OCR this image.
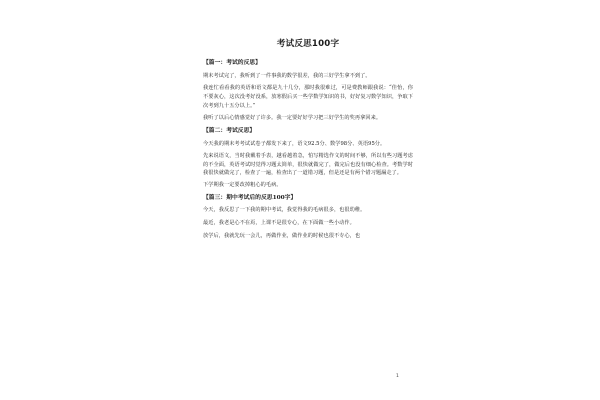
考试反思100字
【篇一：考试的反思】

期末考试完了，我听到了一件事我的数学很差，我的三好学生拿不到了。

我连忙看看我的英语和语文都是九十几分，那时我很难过，可是费教师跟我说：“佳怡，你不要灰心，这次没考好没系，放寒假后买一些学数学知识的书，好好复习数学知识，争取下次考到九十五分以上。”

我听了以后心情感觉好了许多。我一定要好好学习把三好学生的奖再拿回来。

【篇二：考试反思】

今天我的期末考考试试卷子都发下来了，语文92.5分、数学98分、英语95分。

先来说语文，当时我戴着手表，越看越着急，怕写精选作文的时间不够，所以有些习题考虑的不全面，英语考试时觉得习题太简单，很快就做完了，做完后也没有细心检查。考数学时我很快就做完了，检查了一遍，检查出了一道错习题，但是还是有两个错习题漏走了。

下学期我一定要改掉粗心的毛病。

【篇三：期中考试后的反思100字】

今天，我反思了一下我的期中考试，我觉得我的毛病很多，也很幼稚。

最近，我老是心不在焉，上课不是很专心，在下面做一些小动作。

放学后，我就先玩一会儿，再做作业，做作业的时候也很不专心，也

1
